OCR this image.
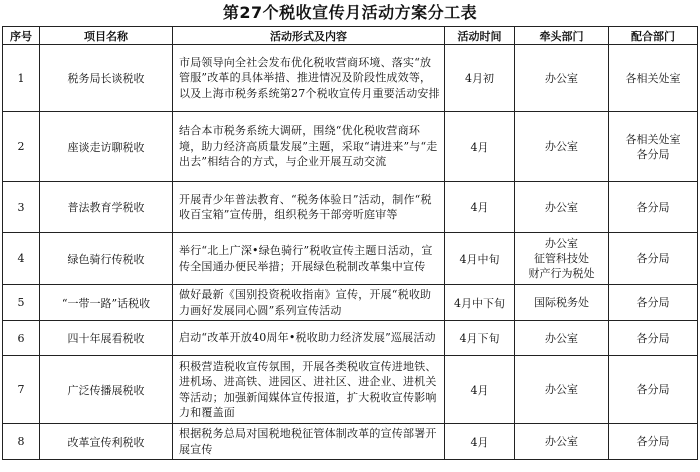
第27个税收宣传月活动方案分工表
序号	项目名称	活动形式及内容	活动时间	牵头部门	配合部门
1	税务局长谈税收	市局领导向全社会发布优化税收营商环境、落实“放管服”改革的具体举措、推进情况及阶段性成效等，以及上海市税务系统第27个税收宣传月重要活动安排	4月初	办公室	各相关处室

2	座谈走访聊税收	结合本市税务系统大调研，围绕“优化税收营商环境，助力经济高质量发展”主题，采取“请进来”与“走出去”相结合的方式，与企业开展互动交流	4月	办公室	各相关处室
各分局

3	普法教育学税收	开展青少年普法教育、“税务体验日”活动，制作“税收百宝箱”宣传册，组织税务干部旁听庭审等	4月	办公室	各分局

4	绿色骑行传税收	举行“北上广深•绿色骑行”税收宣传主题日活动，宣传全国通办便民举措；开展绿色税制改革集中宣传	4月中旬	办公室
征管科技处
财产行为税处	各分局

5	“一带一路”话税收	做好最新《国别投资税收指南》宣传，开展“税收助力画好发展同心圆”系列宣传活动	4月中下旬	国际税务处	各分局

6	四十年展看税收	启动“改革开放40周年•税收助力经济发展”巡展活动	4月下旬	办公室	各分局

7	广泛传播展税收	积极营造税收宣传氛围，开展各类税收宣传进地铁、进机场、进高铁、进园区、进社区、进企业、进机关等活动；加强新闻媒体宣传报道，扩大税收宣传影响力和覆盖面	4月	办公室	各分局

8	改革宣传利税收	根据税务总局对国税地税征管体制改革的宣传部署开展宣传	4月	办公室	各分局
